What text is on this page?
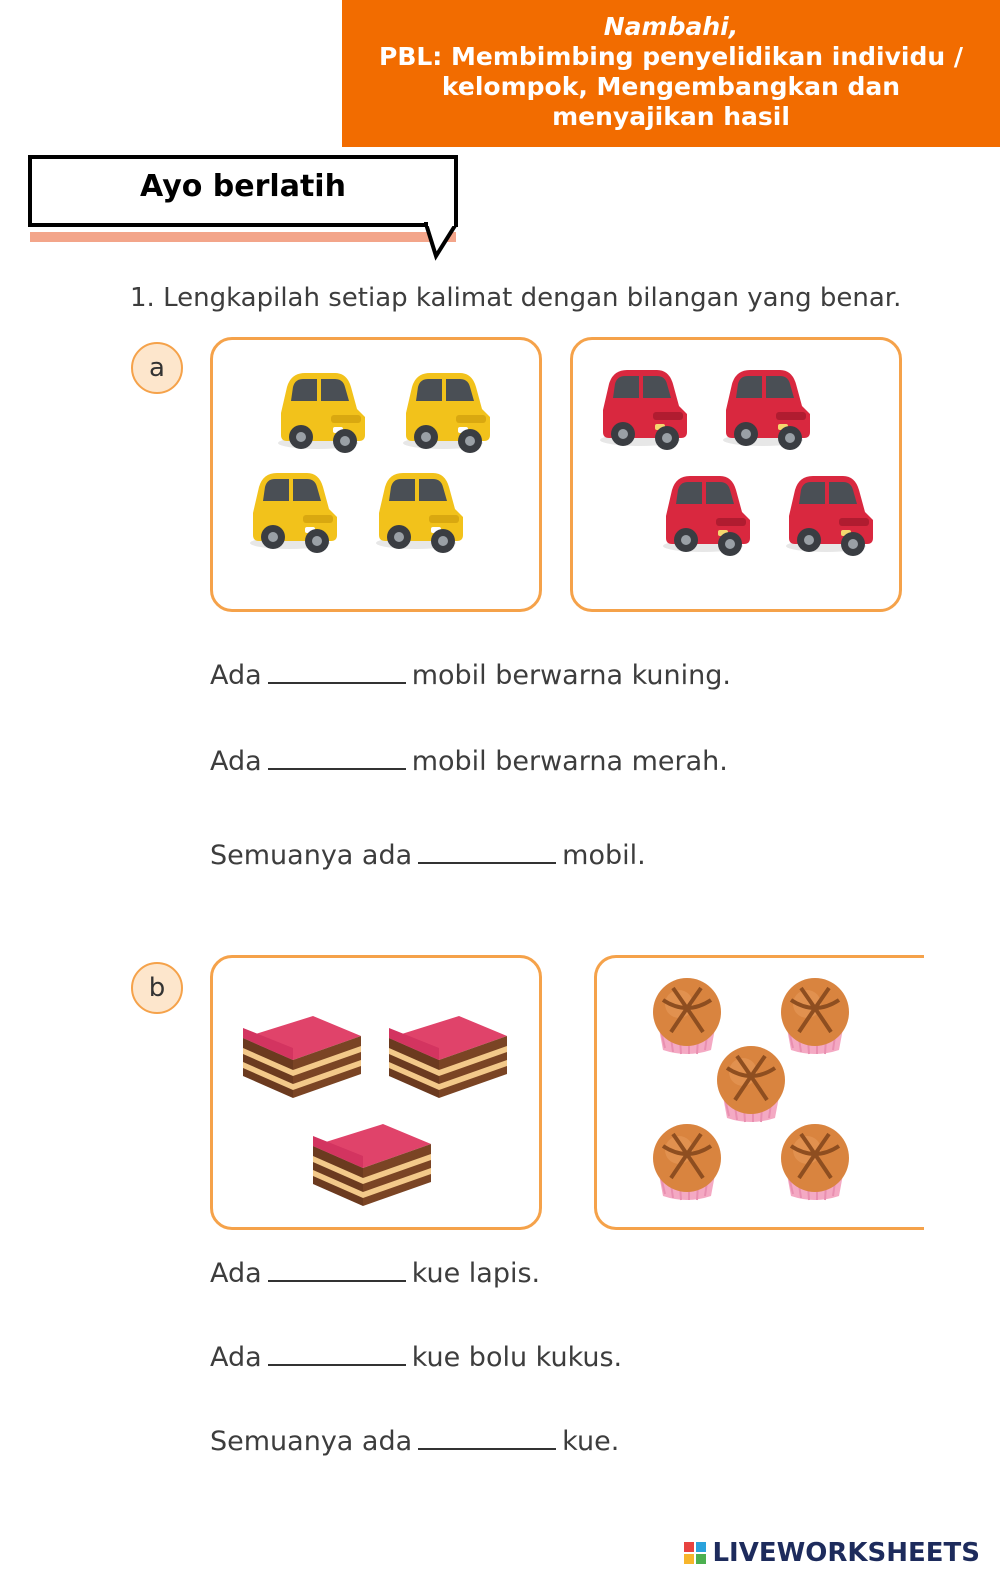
Nambahi,
PBL: Membimbing penyelidikan individu /
kelompok, Mengembangkan dan
menyajikan hasil
Ayo berlatih
1. Lengkapilah setiap kalimat dengan bilangan yang benar.
a
Ada	mobil berwarna kuning.
Ada	mobil berwarna merah.
Semuanya ada	mobil.
b
Ada	kue lapis.
Ada	kue bolu kukus.
Semuanya ada	kue.
LIVEWORKSHEETS
